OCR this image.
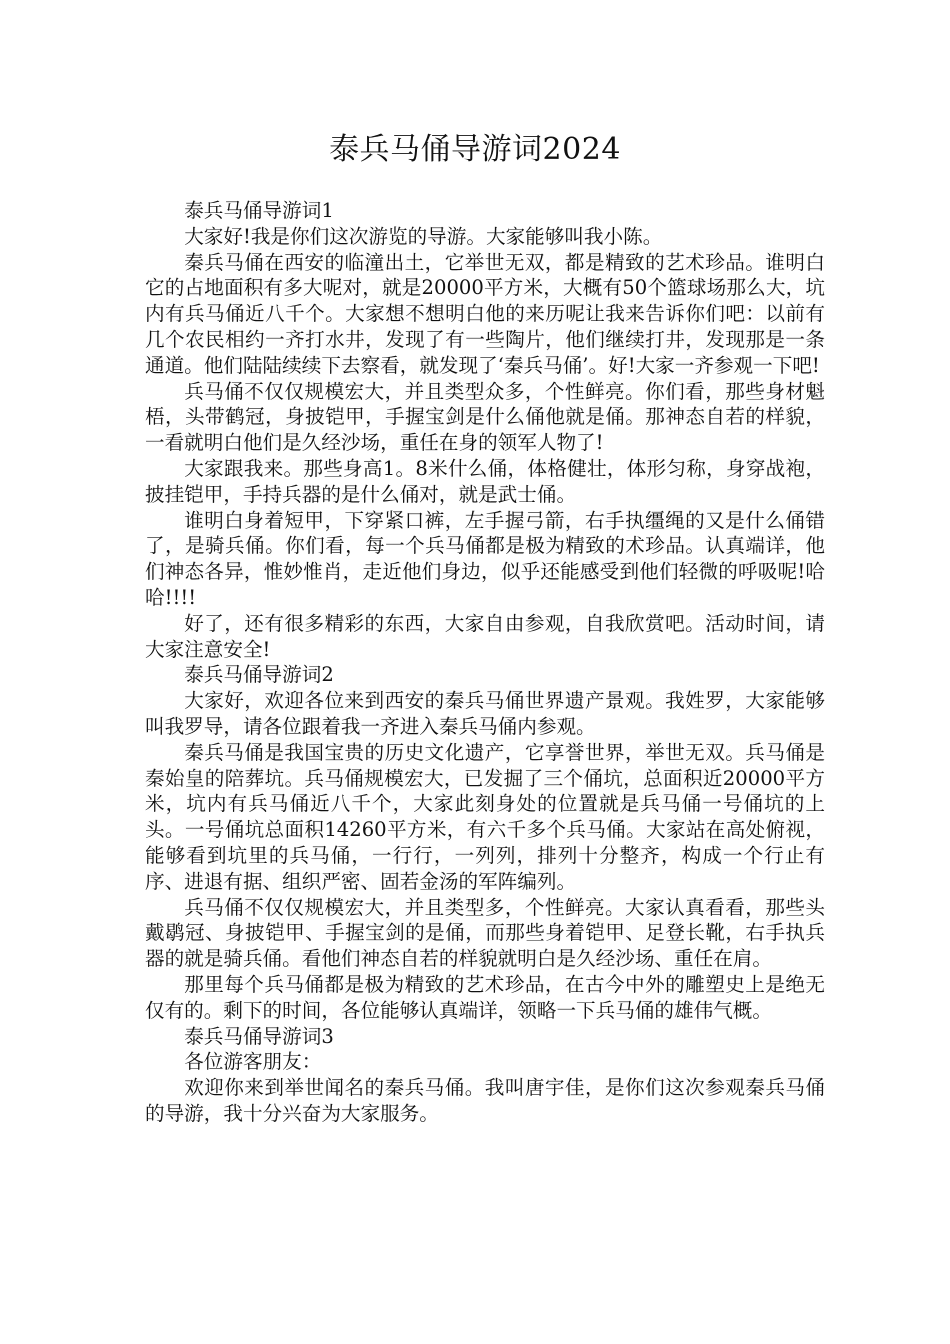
泰兵马俑导游词2024

泰兵马俑导游词1

大家好!我是你们这次游览的导游。大家能够叫我小陈。

秦兵马俑在西安的临潼出土，它举世无双，都是精致的艺术珍品。谁明白它的占地面积有多大呢对，就是20000平方米，大概有50个篮球场那么大，坑内有兵马俑近八千个。大家想不想明白他的来历呢让我来告诉你们吧：以前有几个农民相约一齐打水井，发现了有一些陶片，他们继续打井，发现那是一条通道。他们陆陆续续下去察看，就发现了‘秦兵马俑’。好!大家一齐参观一下吧!

兵马俑不仅仅规模宏大，并且类型众多，个性鲜亮。你们看，那些身材魁梧，头带鹤冠，身披铠甲，手握宝剑是什么俑他就是俑。那神态自若的样貌，一看就明白他们是久经沙场，重任在身的领军人物了!

大家跟我来。那些身高1。8米什么俑，体格健壮，体形匀称，身穿战袍，披挂铠甲，手持兵器的是什么俑对，就是武士俑。

谁明白身着短甲，下穿紧口裤，左手握弓箭，右手执缰绳的又是什么俑错了，是骑兵俑。你们看，每一个兵马俑都是极为精致的术珍品。认真端详，他们神态各异，惟妙惟肖，走近他们身边，似乎还能感受到他们轻微的呼吸呢!哈哈!!!!

好了，还有很多精彩的东西，大家自由参观，自我欣赏吧。活动时间，请大家注意安全!

泰兵马俑导游词2

大家好，欢迎各位来到西安的秦兵马俑世界遗产景观。我姓罗，大家能够叫我罗导，请各位跟着我一齐进入秦兵马俑内参观。

秦兵马俑是我国宝贵的历史文化遗产，它享誉世界，举世无双。兵马俑是秦始皇的陪葬坑。兵马俑规模宏大，已发掘了三个俑坑，总面积近20000平方米，坑内有兵马俑近八千个，大家此刻身处的位置就是兵马俑一号俑坑的上头。一号俑坑总面积14260平方米，有六千多个兵马俑。大家站在高处俯视，能够看到坑里的兵马俑，一行行，一列列，排列十分整齐，构成一个行止有序、进退有据、组织严密、固若金汤的军阵编列。

兵马俑不仅仅规模宏大，并且类型多，个性鲜亮。大家认真看看，那些头戴鹖冠、身披铠甲、手握宝剑的是俑，而那些身着铠甲、足登长靴，右手执兵器的就是骑兵俑。看他们神态自若的样貌就明白是久经沙场、重任在肩。

那里每个兵马俑都是极为精致的艺术珍品，在古今中外的雕塑史上是绝无仅有的。剩下的时间，各位能够认真端详，领略一下兵马俑的雄伟气概。

泰兵马俑导游词3

各位游客朋友：

欢迎你来到举世闻名的秦兵马俑。我叫唐宇佳，是你们这次参观秦兵马俑的导游，我十分兴奋为大家服务。
